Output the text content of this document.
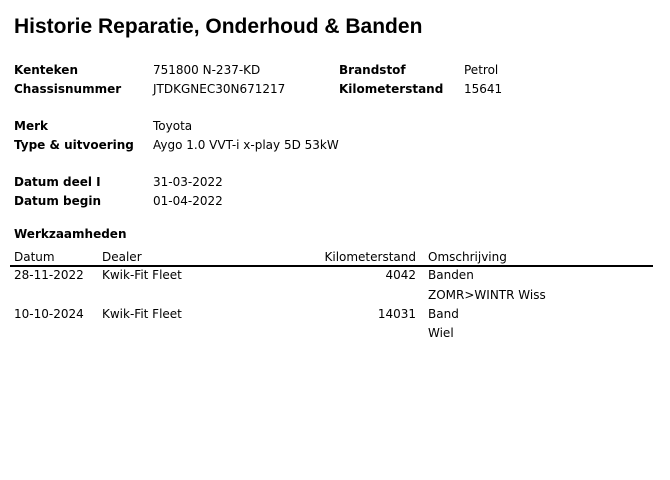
Historie Reparatie, Onderhoud & Banden
Kenteken	751800 N-237-KD	Brandstof	Petrol
Chassisnummer	JTDKGNEC30N671217	Kilometerstand 15641
Merk	Toyota
Type & uitvoering Aygo 1.0 VVT-i x-play 5D 53kW
Datum deel I	31-03-2022
Datum begin	01-04-2022
Werkzaamheden
Datum	Dealer	Kilometerstand Omschrijving
28-11-2022 Kwik-Fit Fleet	4042 Banden
ZOMR>WINTR Wiss
10-10-2024 Kwik-Fit Fleet	14031 Band
Wiel
